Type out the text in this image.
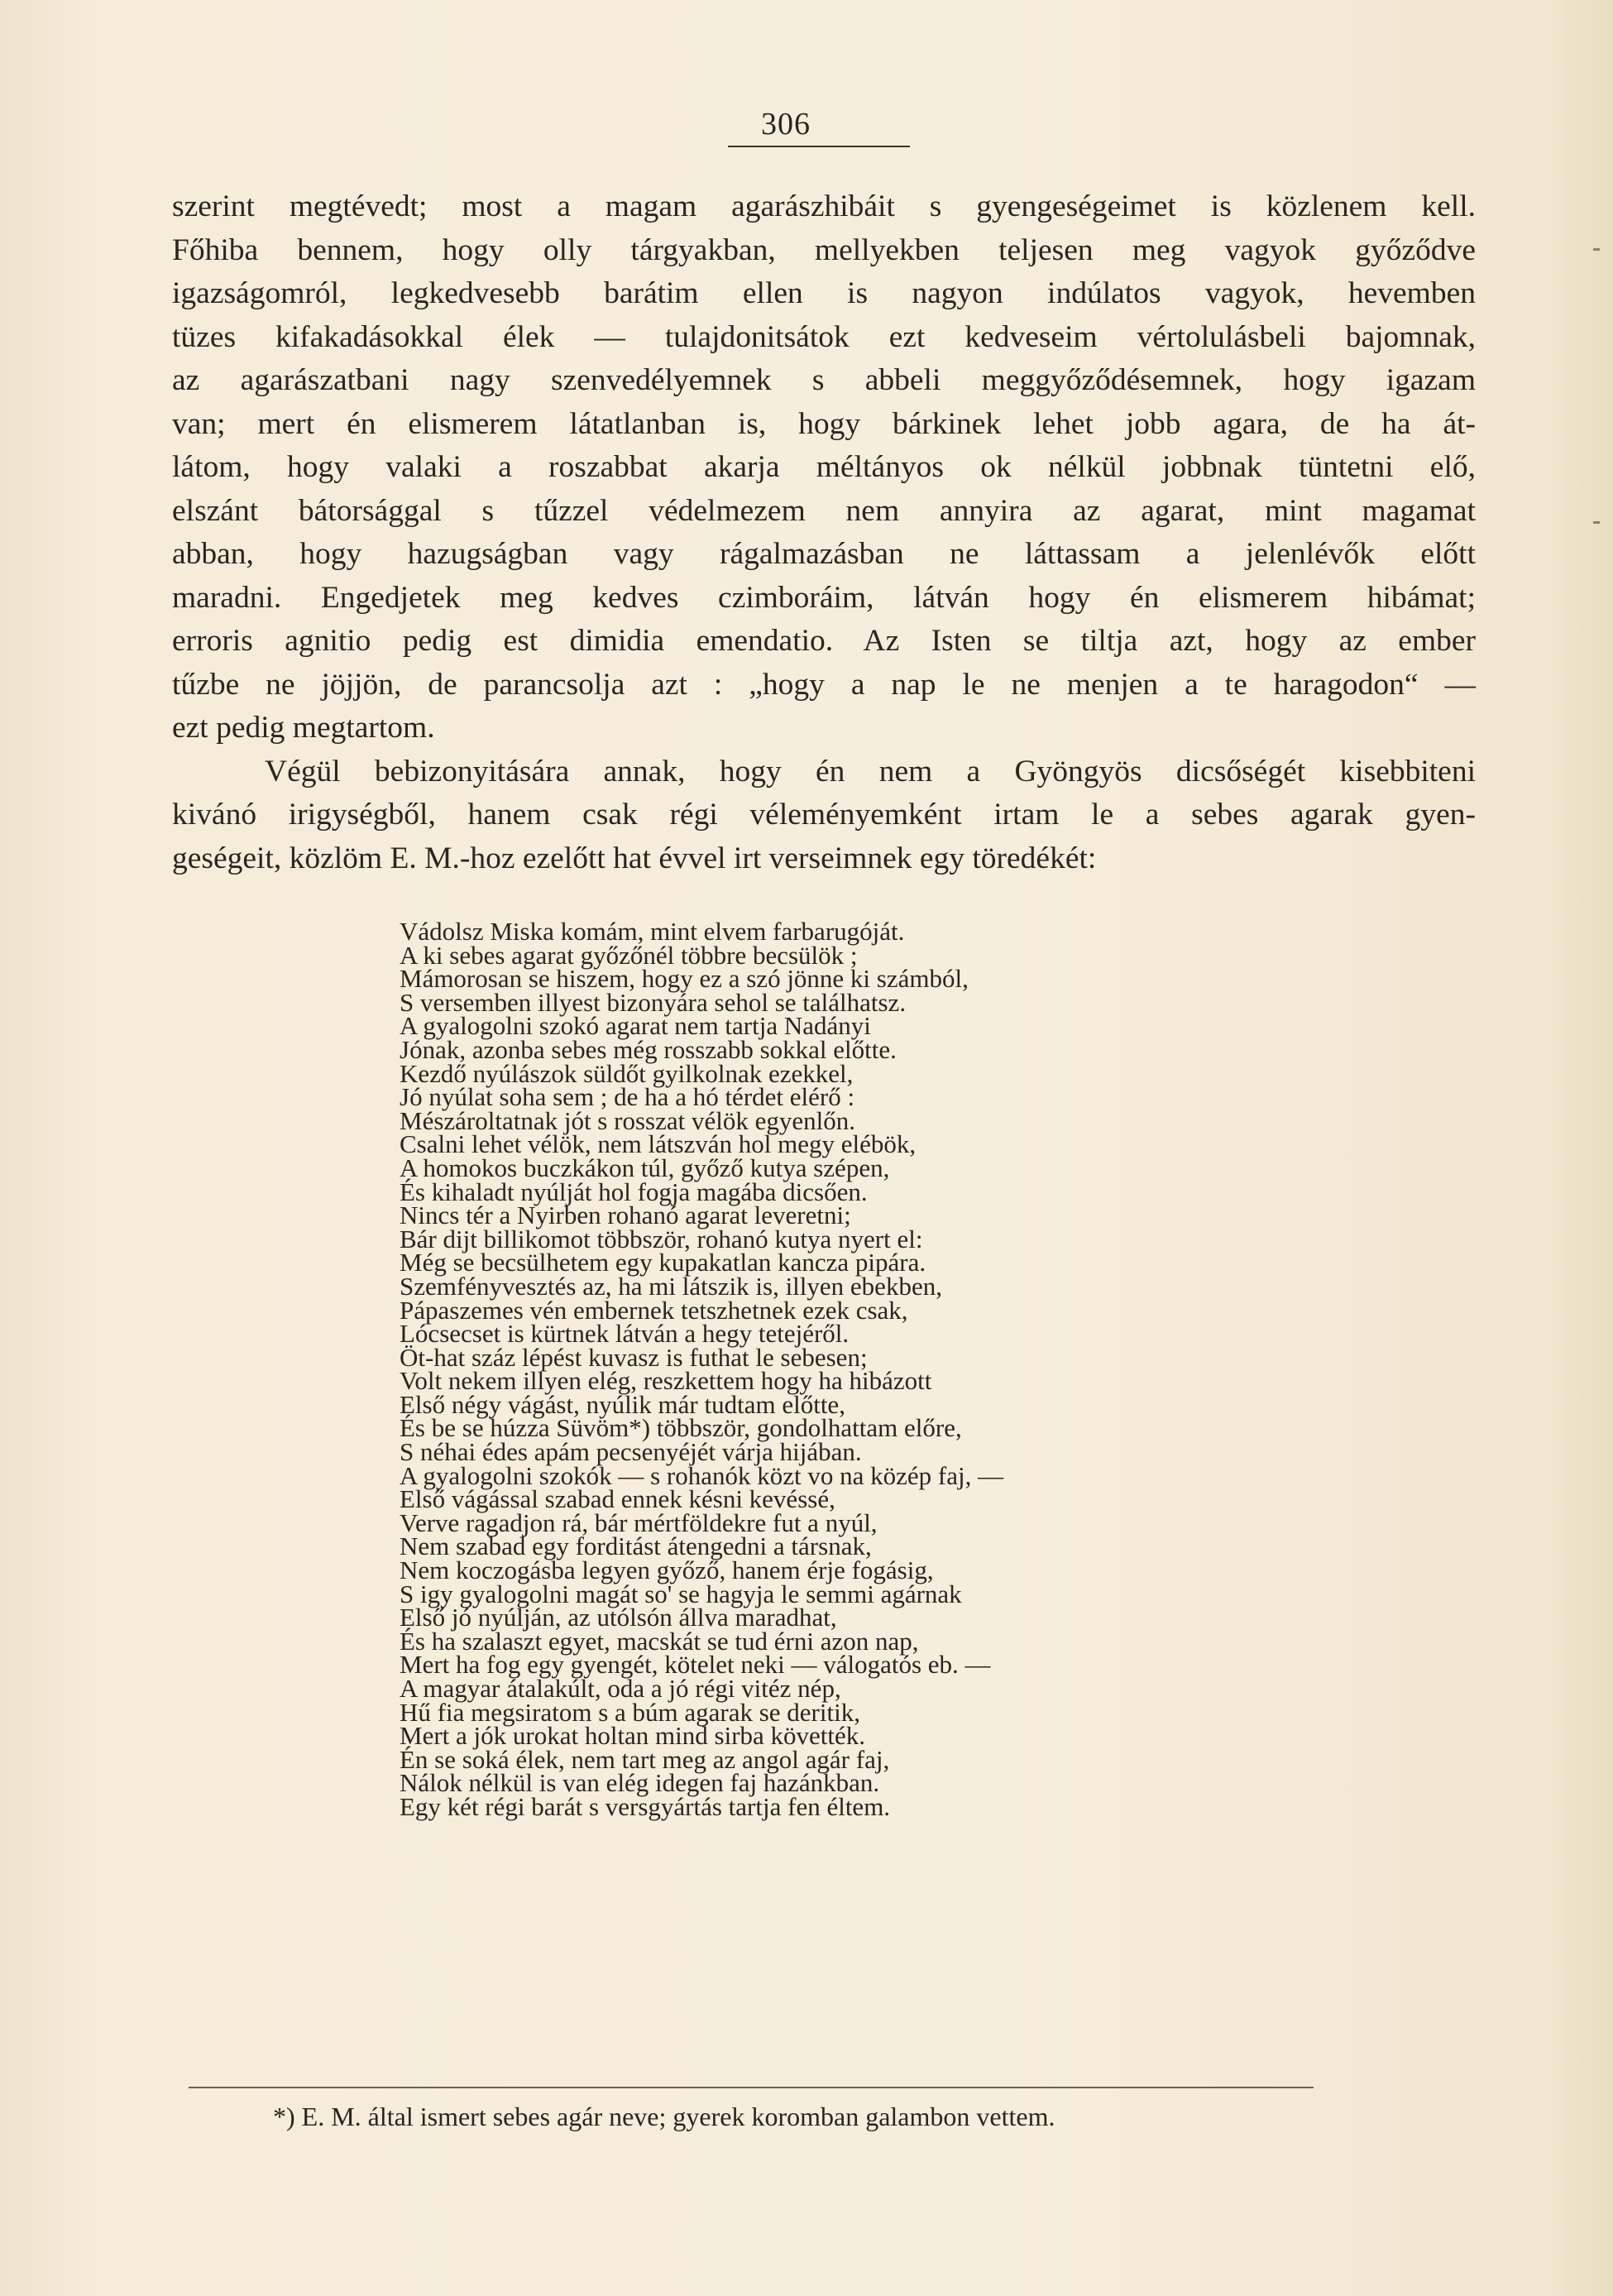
306

szerint megtévedt; most a magam agarászhibáit s gyengeségeimet is közlenem kell.
Főhiba bennem, hogy olly tárgyakban, mellyekben teljesen meg vagyok győződve
igazságomról, legkedvesebb barátim ellen is nagyon indúlatos vagyok, hevemben
tüzes kifakadásokkal élek — tulajdonitsátok ezt kedveseim vértolulásbeli bajomnak,
az agarászatbani nagy szenvedélyemnek s abbeli meggyőződésemnek, hogy igazam
van; mert én elismerem látatlanban is, hogy bárkinek lehet jobb agara, de ha át-
látom, hogy valaki a roszabbat akarja méltányos ok nélkül jobbnak tüntetni elő,
elszánt bátorsággal s tűzzel védelmezem nem annyira az agarat, mint magamat
abban, hogy hazugságban vagy rágalmazásban ne láttassam a jelenlévők előtt
maradni. Engedjetek meg kedves czimboráim, látván hogy én elismerem hibámat;
erroris agnitio pedig est dimidia emendatio. Az Isten se tiltja azt, hogy az ember
tűzbe ne jöjjön, de parancsolja azt : „hogy a nap le ne menjen a te haragodon“ —
ezt pedig megtartom.

Végül bebizonyitására annak, hogy én nem a Gyöngyös dicsőségét kisebbiteni
kivánó irigységből, hanem csak régi véleményemként irtam le a sebes agarak gyen-
geségeit, közlöm E. M.-hoz ezelőtt hat évvel irt verseimnek egy töredékét:

Vádolsz Miska komám, mint elvem farbarugóját.
A ki sebes agarat győzőnél többre becsülök ;
Mámorosan se hiszem, hogy ez a szó jönne ki számból,
S versemben illyest bizonyára sehol se találhatsz.
A gyalogolni szokó agarat nem tartja Nadányi
Jónak, azonba sebes még rosszabb sokkal előtte.
Kezdő nyúlászok süldőt gyilkolnak ezekkel,
Jó nyúlat soha sem ; de ha a hó térdet elérő :
Mészároltatnak jót s rosszat vélök egyenlőn.
Csalni lehet vélök, nem látszván hol megy elébök,
A homokos buczkákon túl, győző kutya szépen,
És kihaladt nyúlját hol fogja magába dicsően.
Nincs tér a Nyirben rohanó agarat leveretni;
Bár dijt billikomot többször, rohanó kutya nyert el:
Még se becsülhetem egy kupakatlan kancza pipára.
Szemfényvesztés az, ha mi látszik is, illyen ebekben,
Pápaszemes vén embernek tetszhetnek ezek csak,
Lócsecset is kürtnek látván a hegy tetejéről.
Öt-hat száz lépést kuvasz is futhat le sebesen;
Volt nekem illyen elég, reszkettem hogy ha hibázott
Első négy vágást, nyúlik már tudtam előtte,
És be se húzza Süvöm*) többször, gondolhattam előre,
S néhai édes apám pecsenyéjét várja hijában.
A gyalogolni szokók — s rohanók közt vo na közép faj, —
Első vágással szabad ennek késni kevéssé,
Verve ragadjon rá, bár mértföldekre fut a nyúl,
Nem szabad egy forditást átengedni a társnak,
Nem koczogásba legyen győző, hanem érje fogásig,
S igy gyalogolni magát so' se hagyja le semmi agárnak
Első jó nyúlján, az utólsón állva maradhat,
És ha szalaszt egyet, macskát se tud érni azon nap,
Mert ha fog egy gyengét, kötelet neki — válogatós eb. —
A magyar átalakúlt, oda a jó régi vitéz nép,
Hű fia megsiratom s a búm agarak se deritik,
Mert a jók urokat holtan mind sirba követték.
Én se soká élek, nem tart meg az angol agár faj,
Nálok nélkül is van elég idegen faj hazánkban.
Egy két régi barát s versgyártás tartja fen éltem.
*) E. M. által ismert sebes agár neve; gyerek koromban galambon vettem.
